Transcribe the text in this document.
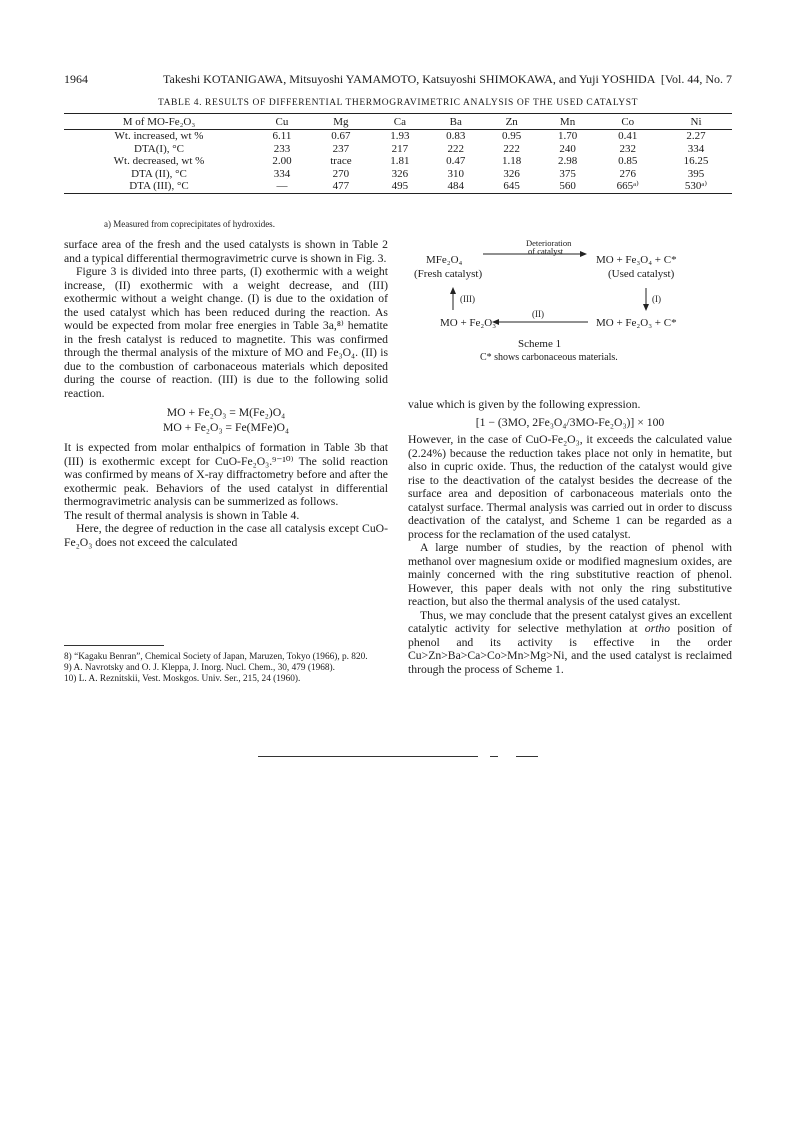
1964	Takeshi KOTANIGAWA, Mitsuyoshi YAMAMOTO, Katsuyoshi SHIMOKAWA, and Yuji YOSHIDA [Vol. 44, No. 7
TABLE 4. RESULTS OF DIFFERENTIAL THERMOGRAVIMETRIC ANALYSIS OF THE USED CATALYST
M of MO-Fe₂O₃	Cu	Mg	Ca	Ba	Zn	Mn	Co	Ni
Wt. increased, wt %	6.11	0.67	1.93	0.83	0.95	1.70	0.41	2.27
DTA(I), °C	233	237	217	222	222	240	232	334
Wt. decreased, wt %	2.00	trace	1.81	0.47	1.18	2.98	0.85	16.25
DTA (II), °C	334	270	326	310	326	375	276	395
DTA (III), °C	—	477	495	484	645	560	665ᵃ⁾	530ᵃ⁾
a) Measured from coprecipitates of hydroxides.

surface area of the fresh and the used catalysts is shown in Table 2 and a typical differential thermogravimetric curve is shown in Fig. 3.

Figure 3 is divided into three parts, (I) exothermic with a weight increase, (II) exothermic with a weight decrease, and (III) exothermic without a weight change. (I) is due to the oxidation of the used catalyst which has been reduced during the reaction. As would be expected from molar free energies in Table 3a,⁸⁾ hematite in the fresh catalyst is reduced to magnetite. This was confirmed through the thermal analysis of the mixture of MO and Fe₃O₄. (II) is due to the combustion of carbonaceous materials which deposited during the course of reaction. (III) is due to the following solid reaction.

MO + Fe₂O₃ = M(Fe₂)O₄
MO + Fe₂O₃ = Fe(MFe)O₄

It is expected from molar enthalpics of formation in Table 3b that (III) is exothermic except for CuO-Fe₂O₃.⁹⁻¹⁰⁾ The solid reaction was confirmed by means of X-ray diffractometry before and after the exothermic peak. Behaviors of the used catalyst in differential thermogravimetric analysis can be summerized as follows.

The result of thermal analysis is shown in Table 4.

Here, the degree of reduction in the case all catalysis except CuO-Fe₂O₃ does not exceed the calculated

8) “Kagaku Benran”, Chemical Society of Japan, Maruzen, Tokyo (1966), p. 820.

9) A. Navrotsky and O. J. Kleppa, J. Inorg. Nucl. Chem., 30, 479 (1968).

10) L. A. Reznitskii, Vest. Moskgos. Univ. Ser., 215, 24 (1960).

Deterioration
of catalyst
MFe₂O₄
(Fresh catalyst)
MO + Fe₃O₄ + C*
(Used catalyst)
(III)	(I)
(II)
MO + Fe₂O₃	MO + Fe₂O₃ + C*
Scheme 1
C* shows carbonaceous materials.

value which is given by the following expression.

[1 − (3MO, 2Fe₃O₄/3MO-Fe₂O₃)] × 100

However, in the case of CuO-Fe₂O₃, it exceeds the calculated value (2.24%) because the reduction takes place not only in hematite, but also in cupric oxide. Thus, the reduction of the catalyst would give rise to the deactivation of the catalyst besides the decrease of the surface area and deposition of carbonaceous materials onto the catalyst surface. Thermal analysis was carried out in order to discuss deactivation of the catalyst, and Scheme 1 can be regarded as a process for the reclamation of the used catalyst.

A large number of studies, by the reaction of phenol with methanol over magnesium oxide or modified magnesium oxides, are mainly concerned with the ring substitutive reaction of phenol. However, this paper deals with not only the ring substitutive reaction, but also the thermal analysis of the used catalyst.

Thus, we may conclude that the present catalyst gives an excellent catalytic activity for selective methylation at ortho position of phenol and its activity is effective in the order Cu>Zn>Ba>Ca>Co>Mn>Mg>Ni, and the used catalyst is reclaimed through the process of Scheme 1.
